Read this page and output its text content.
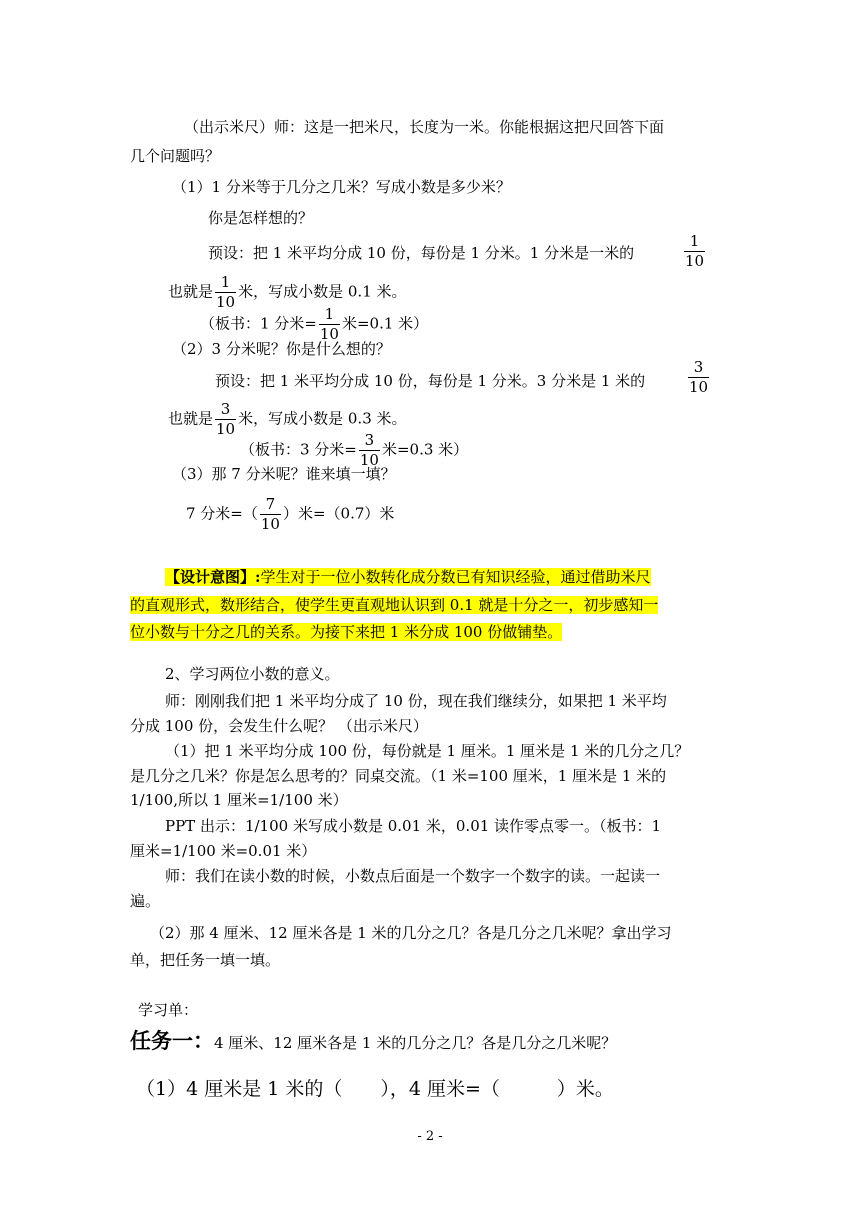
（出示米尺）师：这是一把米尺，长度为一米。你能根据这把尺回答下面
几个问题吗？
（1）1 分米等于几分之几米？写成小数是多少米？
你是怎样想的？
预设：把 1 米平均分成 10 份，每份是 1 分米。1 分米是一米的	$\frac{1}{10}$
也就是 $\frac{1}{10}$ 米，写成小数是 0.1 米。
（板书：1 分米= $\frac{1}{10}$ 米=0.1 米）
（2）3 分米呢？你是什么想的？
预设：把 1 米平均分成 10 份，每份是 1 分米。3 分米是 1 米的	$\frac{3}{10}$
也就是 $\frac{3}{10}$ 米，写成小数是 0.3 米。
（板书：3 分米= $\frac{3}{10}$ 米=0.3 米）
（3）那 7 分米呢？谁来填一填？
7 分米=（ $\frac{7}{10}$ ）米=（0.7）米
【设计意图】:学生对于一位小数转化成分数已有知识经验，通过借助米尺
的直观形式，数形结合，使学生更直观地认识到 0.1 就是十分之一，初步感知一
位小数与十分之几的关系。为接下来把 1 米分成 100 份做铺垫。
2、学习两位小数的意义。
师：刚刚我们把 1 米平均分成了 10 份，现在我们继续分，如果把 1 米平均
分成 100 份，会发生什么呢？ （出示米尺）
（1）把 1 米平均分成 100 份，每份就是 1 厘米。1 厘米是 1 米的几分之几？
是几分之几米？你是怎么思考的？同桌交流。（1 米=100 厘米，1 厘米是 1 米的
1/100,所以 1 厘米=1/100 米）
PPT 出示：1/100 米写成小数是 0.01 米，0.01 读作零点零一。（板书：1
厘米=1/100 米=0.01 米）
师：我们在读小数的时候，小数点后面是一个数字一个数字的读。一起读一
遍。
（2）那 4 厘米、12 厘米各是 1 米的几分之几？各是几分之几米呢？拿出学习
单，把任务一填一填。
学习单：
任务一：4 厘米、12 厘米各是 1 米的几分之几？各是几分之几米呢？
（1）4 厘米是 1 米的（　　），4 厘米=（　　　）米。
- 2 -
